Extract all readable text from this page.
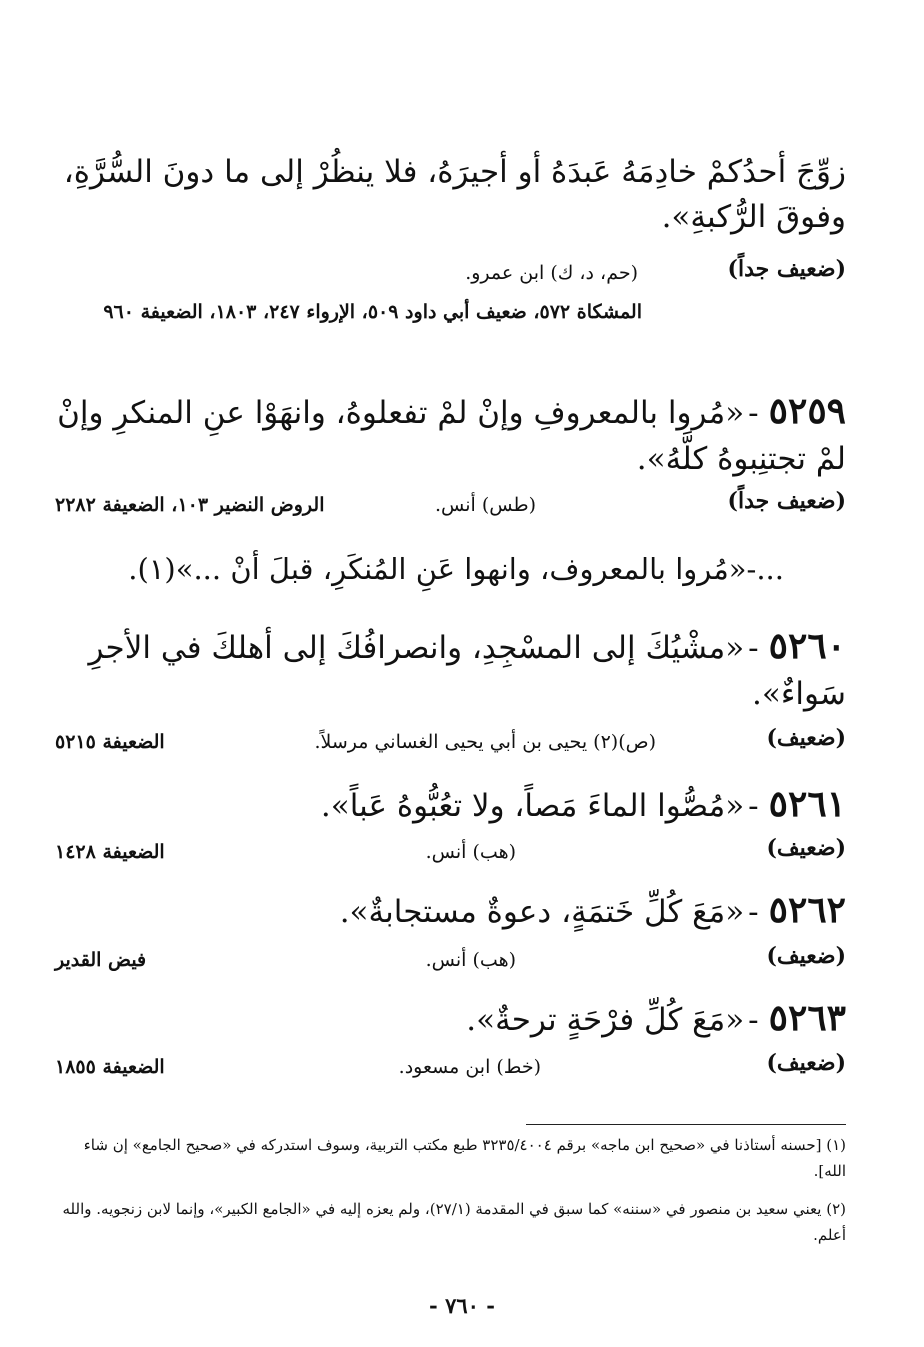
زوِّجَ أحدُكمْ خادِمَهُ عَبدَهُ أو أجيرَهُ، فلا ينظُرْ إلى ما دونَ السُّرَّةِ، وفوقَ الرُّكبةِ».
(ضعيف جداً)
(حم، د، ك) ابن عمرو.
المشكاة ٥٧٢، ضعيف أبي داود ٥٠٩، الإرواء ٢٤٧، ١٨٠٣، الضعيفة ٩٦٠
٥٢٥٩-«مُروا بالمعروفِ وإنْ لمْ تفعلوهُ، وانهَوْا عنِ المنكرِ وإنْ لمْ تجتنِبوهُ كلَّهُ».
(ضعيف جداً)
(طس) أنس.
الروض النضير ١٠٣، الضعيفة ٢٢٨٢
...-«مُروا بالمعروف، وانهوا عَنِ المُنكَرِ، قبلَ أنْ ...»(١).
٥٢٦٠-«مشْيُكَ إلى المسْجِدِ، وانصرافُكَ إلى أهلكَ في الأجرِ سَواءٌ».
(ضعيف)
(ص)(٢) يحيى بن أبي يحيى الغساني مرسلاً.
الضعيفة ٥٢١٥
٥٢٦١-«مُصُّوا الماءَ مَصاً، ولا تعُبُّوهُ عَباً».
(ضعيف)
(هب) أنس.
الضعيفة ١٤٢٨
٥٢٦٢-«مَعَ كُلِّ خَتمَةٍ، دعوةٌ مستجابةٌ».
(ضعيف)
(هب) أنس.
فيض القدير
٥٢٦٣-«مَعَ كُلِّ فرْحَةٍ ترحةٌ».
(ضعيف)
(خط) ابن مسعود.
الضعيفة ١٨٥٥
(١) [حسنه أستاذنا في «صحيح ابن ماجه» برقم ٣٢٣٥/٤٠٠٤ طبع مكتب التربية، وسوف استدركه في «صحيح الجامع» إن شاء الله].
(٢) يعني سعيد بن منصور في «سننه» كما سبق في المقدمة (٢٧/١)، ولم يعزه إليه في «الجامع الكبير»، وإنما لابن زنجويه. والله أعلم.
- ٧٦٠ -
